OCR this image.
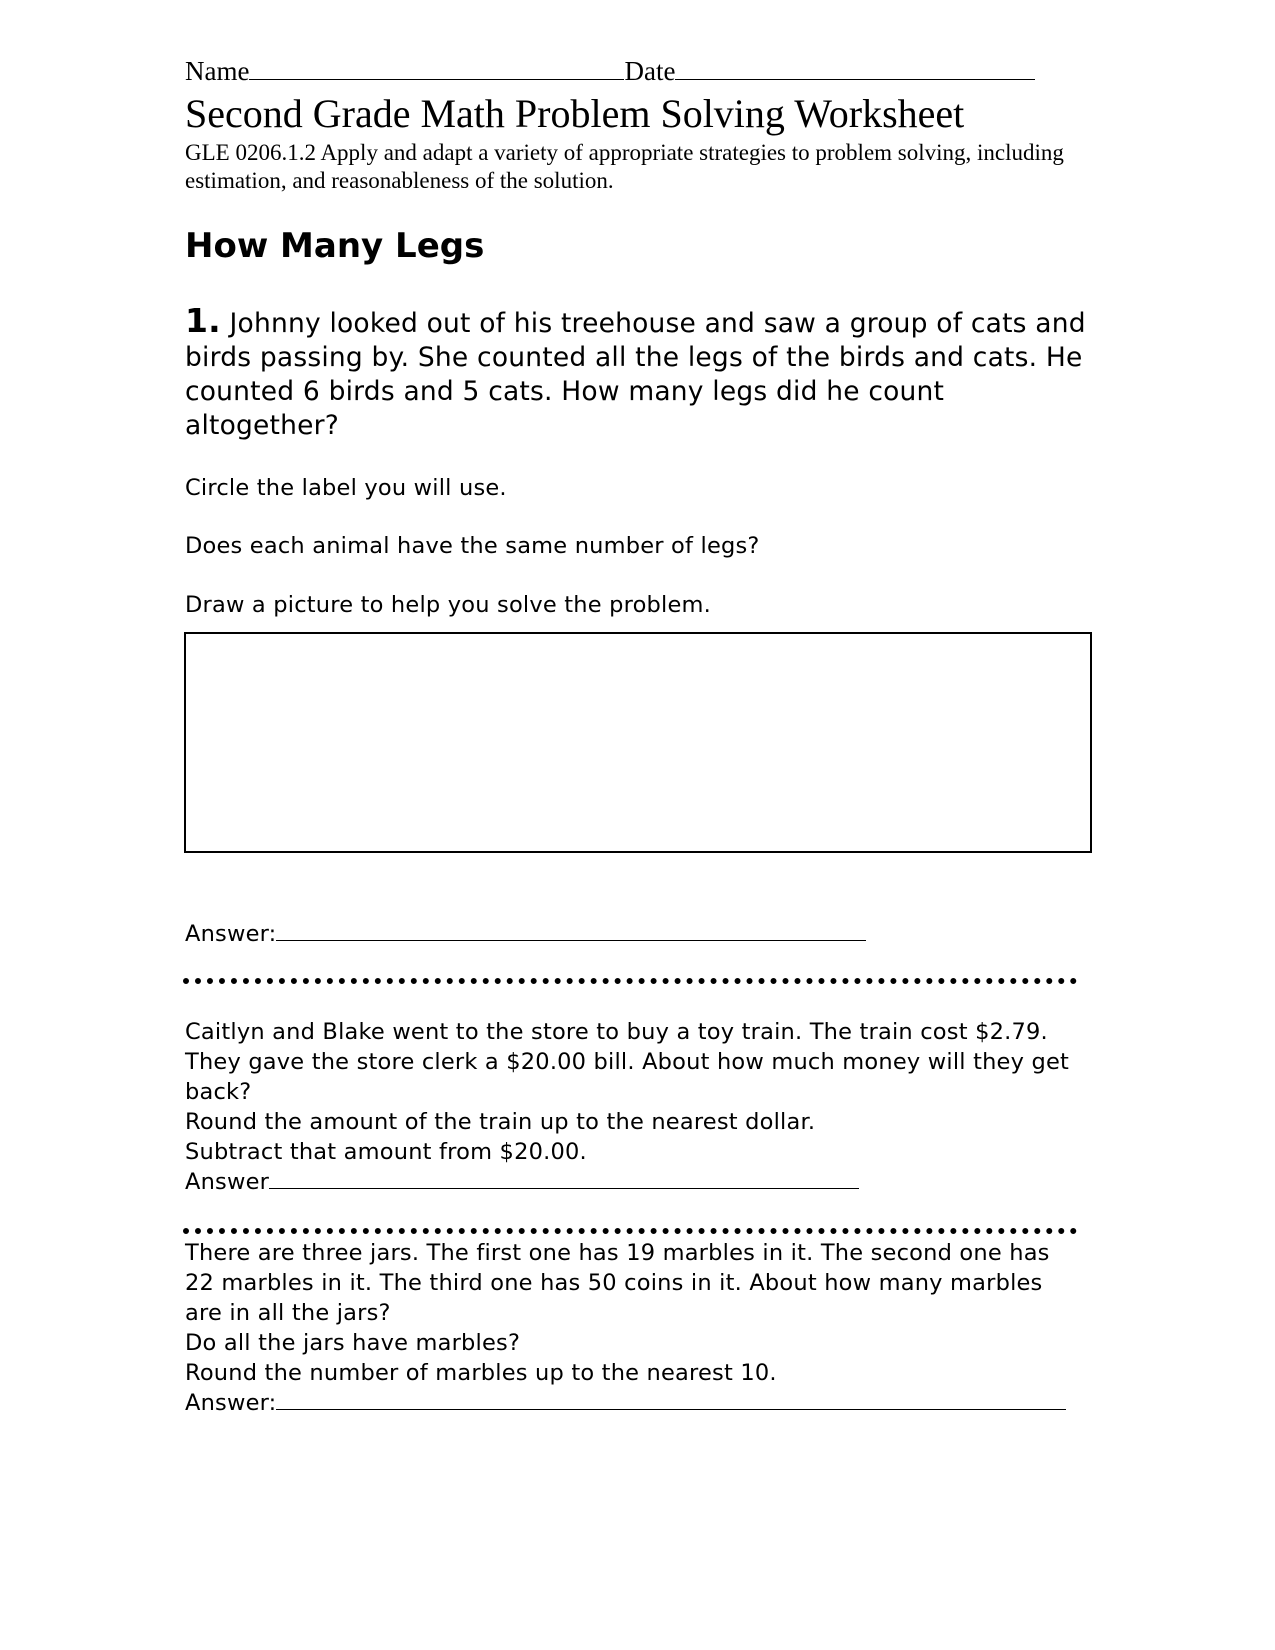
Name	Date
Second Grade Math Problem Solving Worksheet

GLE 0206.1.2 Apply and adapt a variety of appropriate strategies to problem solving, including estimation, and reasonableness of the solution.

How Many Legs

1. Johnny looked out of his treehouse and saw a group of cats and birds passing by. She counted all the legs of the birds and cats. He counted 6 birds and 5 cats. How many legs did he count altogether?

Circle the label you will use.

Does each animal have the same number of legs?

Draw a picture to help you solve the problem.

Answer:

Caitlyn and Blake went to the store to buy a toy train. The train cost $2.79. They gave the store clerk a $20.00 bill. About how much money will they get back?

Round the amount of the train up to the nearest dollar.

Subtract that amount from $20.00.

Answer

There are three jars. The first one has 19 marbles in it. The second one has 22 marbles in it. The third one has 50 coins in it. About how many marbles are in all the jars?

Do all the jars have marbles?

Round the number of marbles up to the nearest 10.

Answer:
